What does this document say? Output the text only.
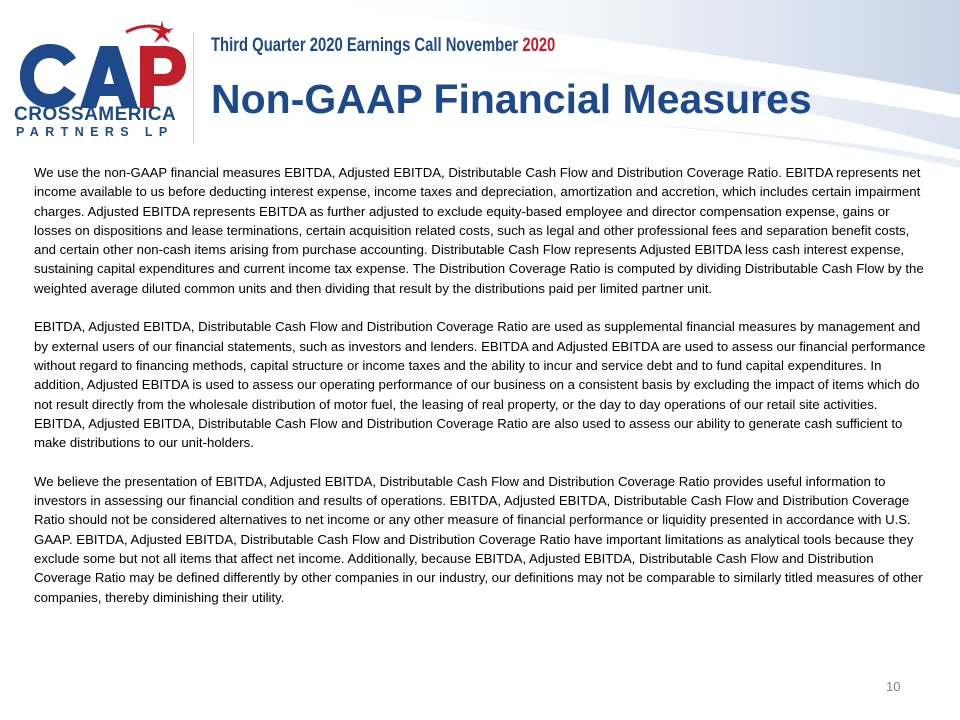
CROSSAMERICA
PARTNERS LP
Third Quarter 2020 Earnings Call November 2020
Non-GAAP Financial Measures

We use the non-GAAP financial measures EBITDA, Adjusted EBITDA, Distributable Cash Flow and Distribution Coverage Ratio. EBITDA represents net income available to us before deducting interest expense, income taxes and depreciation, amortization and accretion, which includes certain impairment charges. Adjusted EBITDA represents EBITDA as further adjusted to exclude equity-based employee and director compensation expense, gains or losses on dispositions and lease terminations, certain acquisition related costs, such as legal and other professional fees and separation benefit costs, and certain other non-cash items arising from purchase accounting. Distributable Cash Flow represents Adjusted EBITDA less cash interest expense, sustaining capital expenditures and current income tax expense. The Distribution Coverage Ratio is computed by dividing Distributable Cash Flow by the weighted average diluted common units and then dividing that result by the distributions paid per limited partner unit.

EBITDA, Adjusted EBITDA, Distributable Cash Flow and Distribution Coverage Ratio are used as supplemental financial measures by management and by external users of our financial statements, such as investors and lenders. EBITDA and Adjusted EBITDA are used to assess our financial performance without regard to financing methods, capital structure or income taxes and the ability to incur and service debt and to fund capital expenditures. In addition, Adjusted EBITDA is used to assess our operating performance of our business on a consistent basis by excluding the impact of items which do not result directly from the wholesale distribution of motor fuel, the leasing of real property, or the day to day operations of our retail site activities. EBITDA, Adjusted EBITDA, Distributable Cash Flow and Distribution Coverage Ratio are also used to assess our ability to generate cash sufficient to make distributions to our unit-holders.

We believe the presentation of EBITDA, Adjusted EBITDA, Distributable Cash Flow and Distribution Coverage Ratio provides useful information to investors in assessing our financial condition and results of operations. EBITDA, Adjusted EBITDA, Distributable Cash Flow and Distribution Coverage Ratio should not be considered alternatives to net income or any other measure of financial performance or liquidity presented in accordance with U.S. GAAP. EBITDA, Adjusted EBITDA, Distributable Cash Flow and Distribution Coverage Ratio have important limitations as analytical tools because they exclude some but not all items that affect net income. Additionally, because EBITDA, Adjusted EBITDA, Distributable Cash Flow and Distribution Coverage Ratio may be defined differently by other companies in our industry, our definitions may not be comparable to similarly titled measures of other companies, thereby diminishing their utility.

10
